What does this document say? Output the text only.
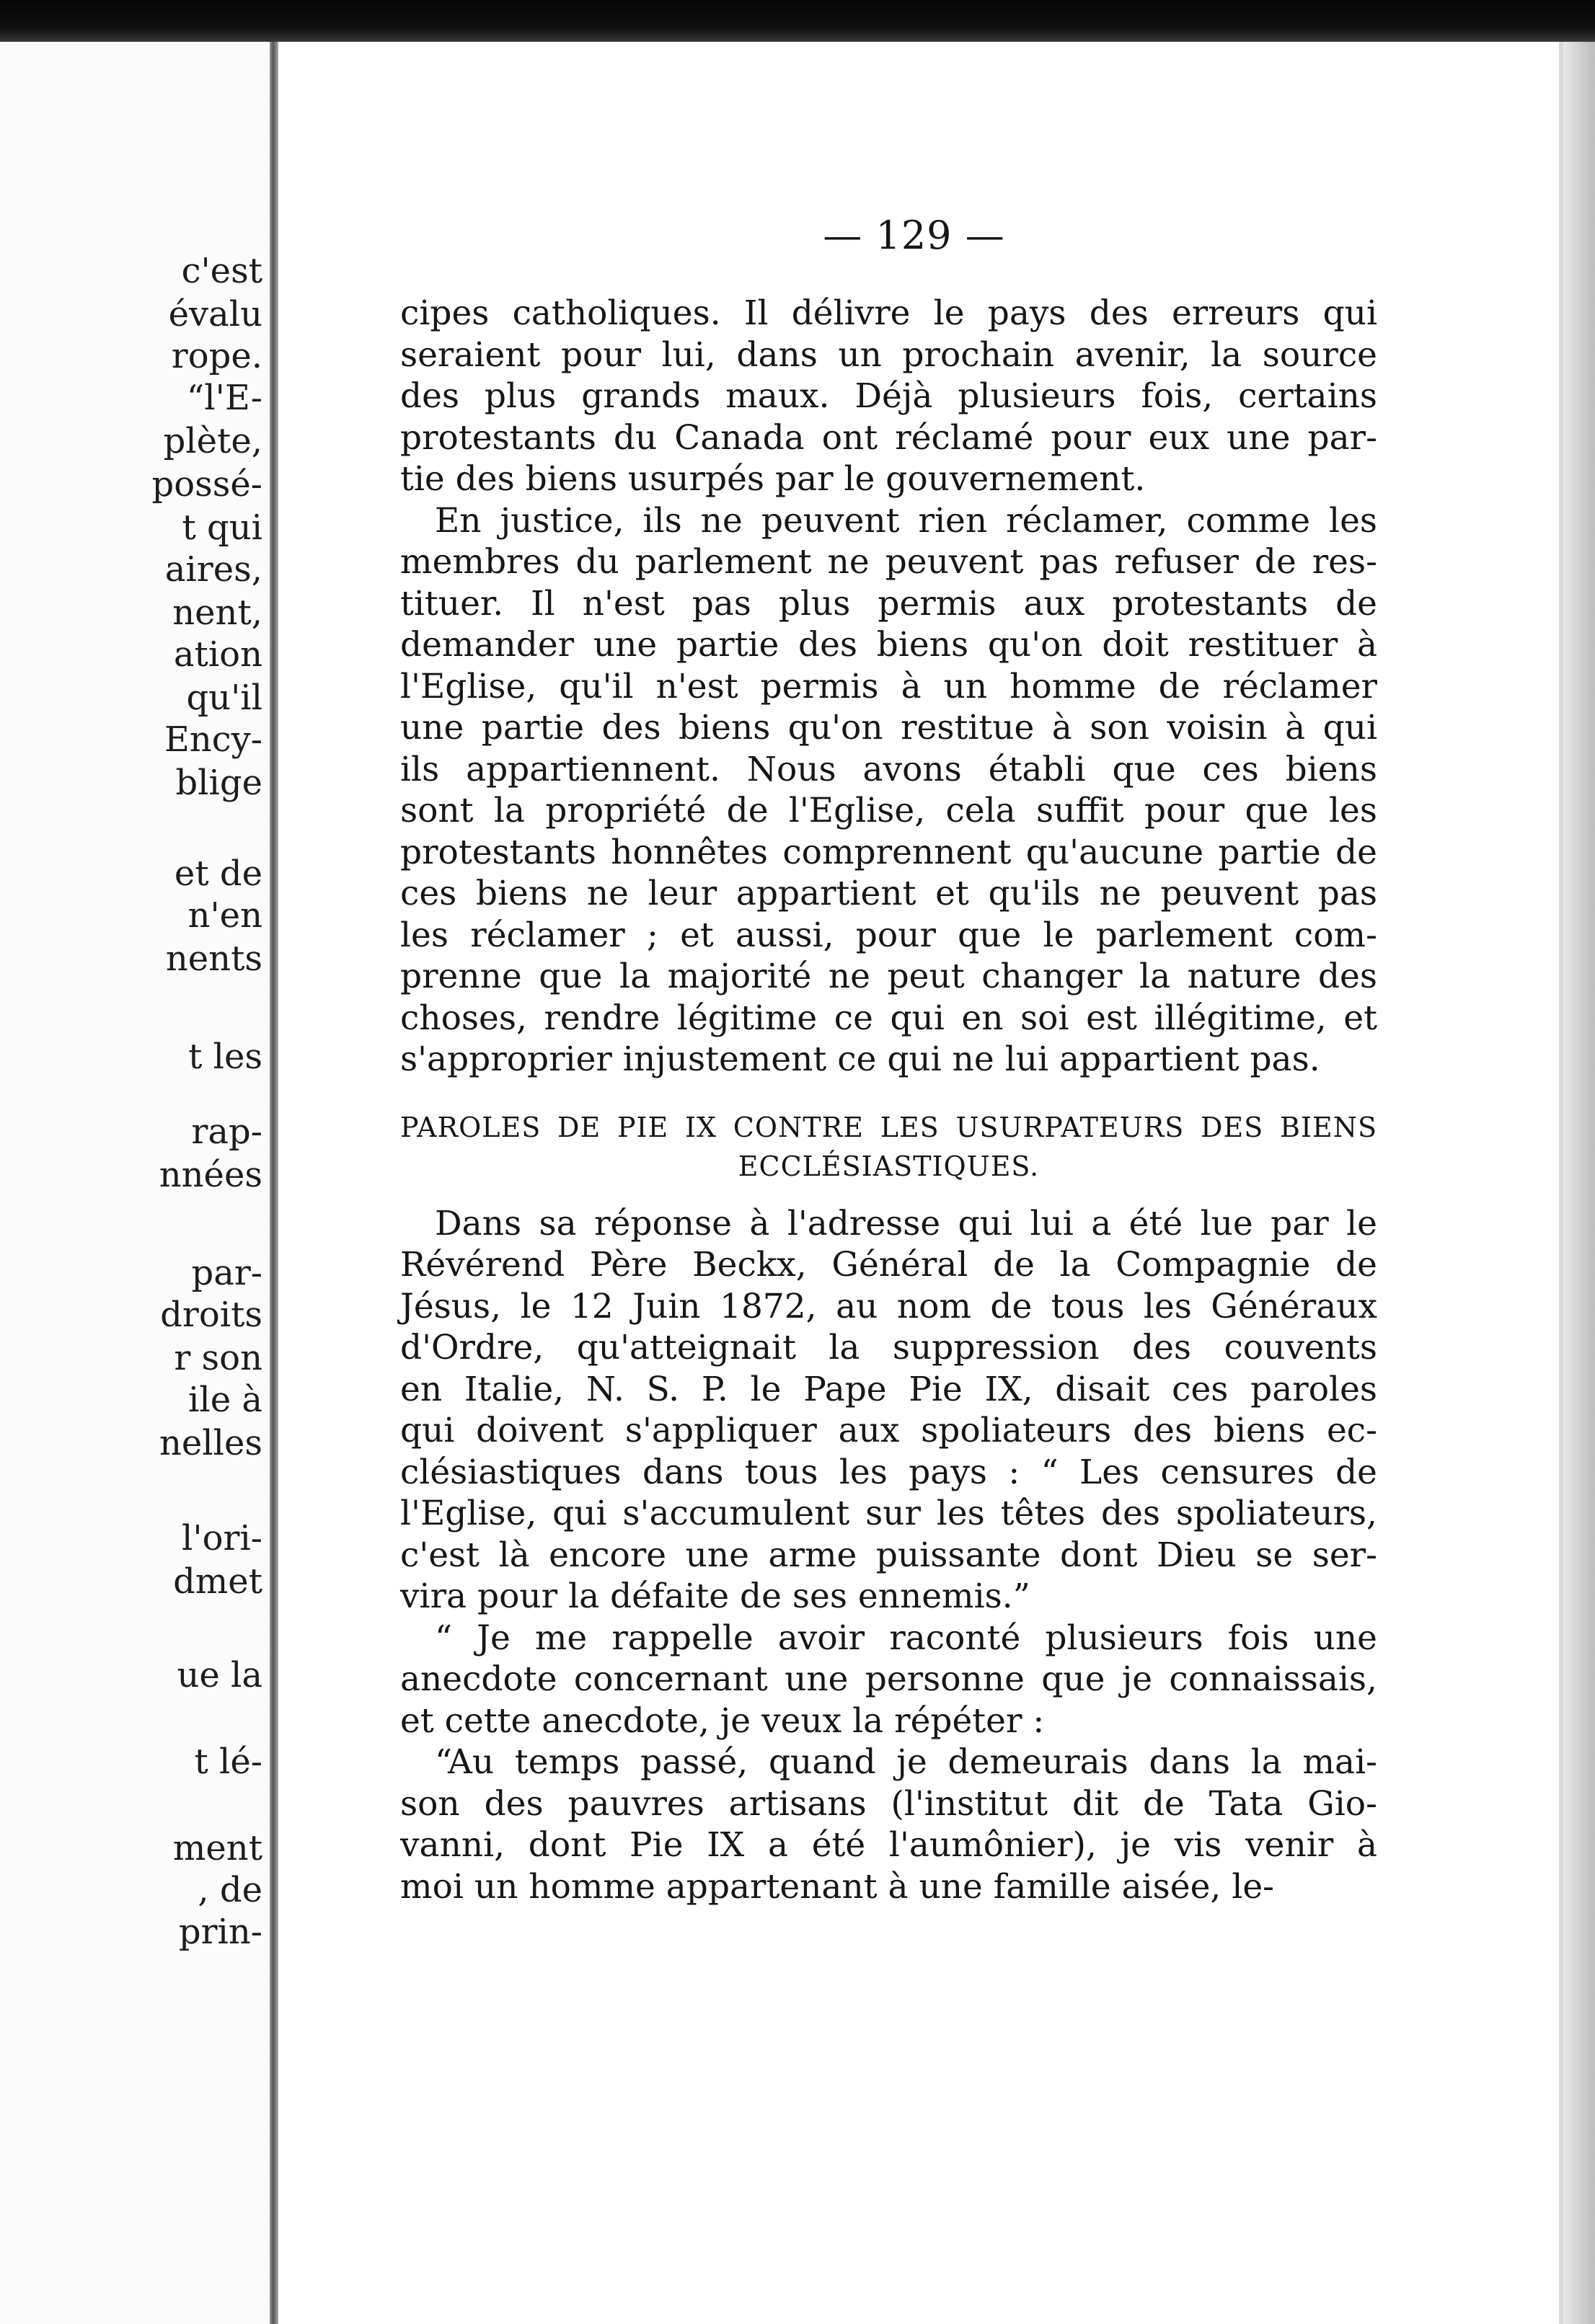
c'est
évalu
rope.
“l'E-
plète,
possé-
t qui
aires,
nent,
ation
qu'il
Ency-
blige
et de
n'en
nents
t les
rap-
nnées
par-
droits
r son
ile à
nelles
l'ori-
dmet
ue la
t lé-
ment
, de
prin-
— 129 —

cipes catholiques. Il délivre le pays des erreurs qui
seraient pour lui, dans un prochain avenir, la source
des plus grands maux. Déjà plusieurs fois, certains
protestants du Canada ont réclamé pour eux une par-
tie des biens usurpés par le gouvernement.

En justice, ils ne peuvent rien réclamer, comme les
membres du parlement ne peuvent pas refuser de res-
tituer. Il n'est pas plus permis aux protestants de
demander une partie des biens qu'on doit restituer à
l'Eglise, qu'il n'est permis à un homme de réclamer
une partie des biens qu'on restitue à son voisin à qui
ils appartiennent. Nous avons établi que ces biens
sont la propriété de l'Eglise, cela suffit pour que les
protestants honnêtes comprennent qu'aucune partie de
ces biens ne leur appartient et qu'ils ne peuvent pas
les réclamer ; et aussi, pour que le parlement com-
prenne que la majorité ne peut changer la nature des
choses, rendre légitime ce qui en soi est illégitime, et
s'approprier injustement ce qui ne lui appartient pas.

PAROLES DE PIE IX CONTRE LES USURPATEURS DES BIENS
ECCLÉSIASTIQUES.

Dans sa réponse à l'adresse qui lui a été lue par le
Révérend Père Beckx, Général de la Compagnie de
Jésus, le 12 Juin 1872, au nom de tous les Généraux
d'Ordre, qu'atteignait la suppression des couvents
en Italie, N. S. P. le Pape Pie IX, disait ces paroles
qui doivent s'appliquer aux spoliateurs des biens ec-
clésiastiques dans tous les pays : “ Les censures de
l'Eglise, qui s'accumulent sur les têtes des spoliateurs,
c'est là encore une arme puissante dont Dieu se ser-
vira pour la défaite de ses ennemis.”

“ Je me rappelle avoir raconté plusieurs fois une
anecdote concernant une personne que je connaissais,
et cette anecdote, je veux la répéter :

“Au temps passé, quand je demeurais dans la mai-
son des pauvres artisans (l'institut dit de Tata Gio-
vanni, dont Pie IX a été l'aumônier), je vis venir à
moi un homme appartenant à une famille aisée, le-
